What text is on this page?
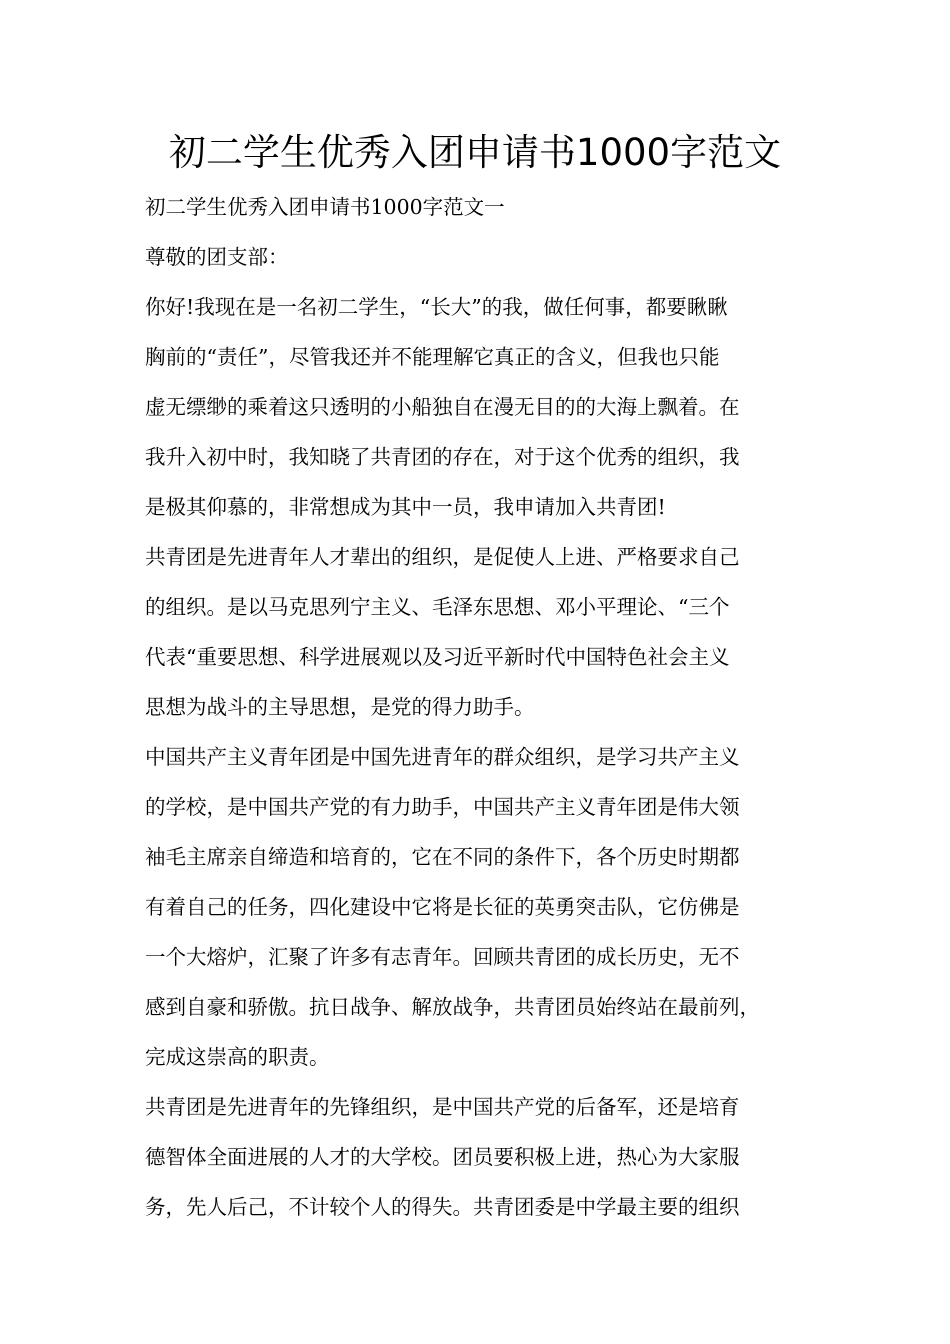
初二学生优秀入团申请书1000字范文
初二学生优秀入团申请书1000字范文一
尊敬的团支部：
你好!我现在是一名初二学生，“长大”的我，做任何事，都要瞅瞅
胸前的“责任”，尽管我还并不能理解它真正的含义，但我也只能
虚无缥缈的乘着这只透明的小船独自在漫无目的的大海上飘着。在
我升入初中时，我知晓了共青团的存在，对于这个优秀的组织，我
是极其仰慕的，非常想成为其中一员，我申请加入共青团!
共青团是先进青年人才辈出的组织，是促使人上进、严格要求自己
的组织。是以马克思列宁主义、毛泽东思想、邓小平理论、“三个
代表“重要思想、科学进展观以及习近平新时代中国特色社会主义
思想为战斗的主导思想，是党的得力助手。
中国共产主义青年团是中国先进青年的群众组织，是学习共产主义
的学校，是中国共产党的有力助手，中国共产主义青年团是伟大领
袖毛主席亲自缔造和培育的，它在不同的条件下，各个历史时期都
有着自己的任务，四化建设中它将是长征的英勇突击队，它仿佛是
一个大熔炉，汇聚了许多有志青年。回顾共青团的成长历史，无不
感到自豪和骄傲。抗日战争、解放战争，共青团员始终站在最前列，
完成这崇高的职责。
共青团是先进青年的先锋组织，是中国共产党的后备军，还是培育
德智体全面进展的人才的大学校。团员要积极上进，热心为大家服
务，先人后己，不计较个人的得失。共青团委是中学最主要的组织
